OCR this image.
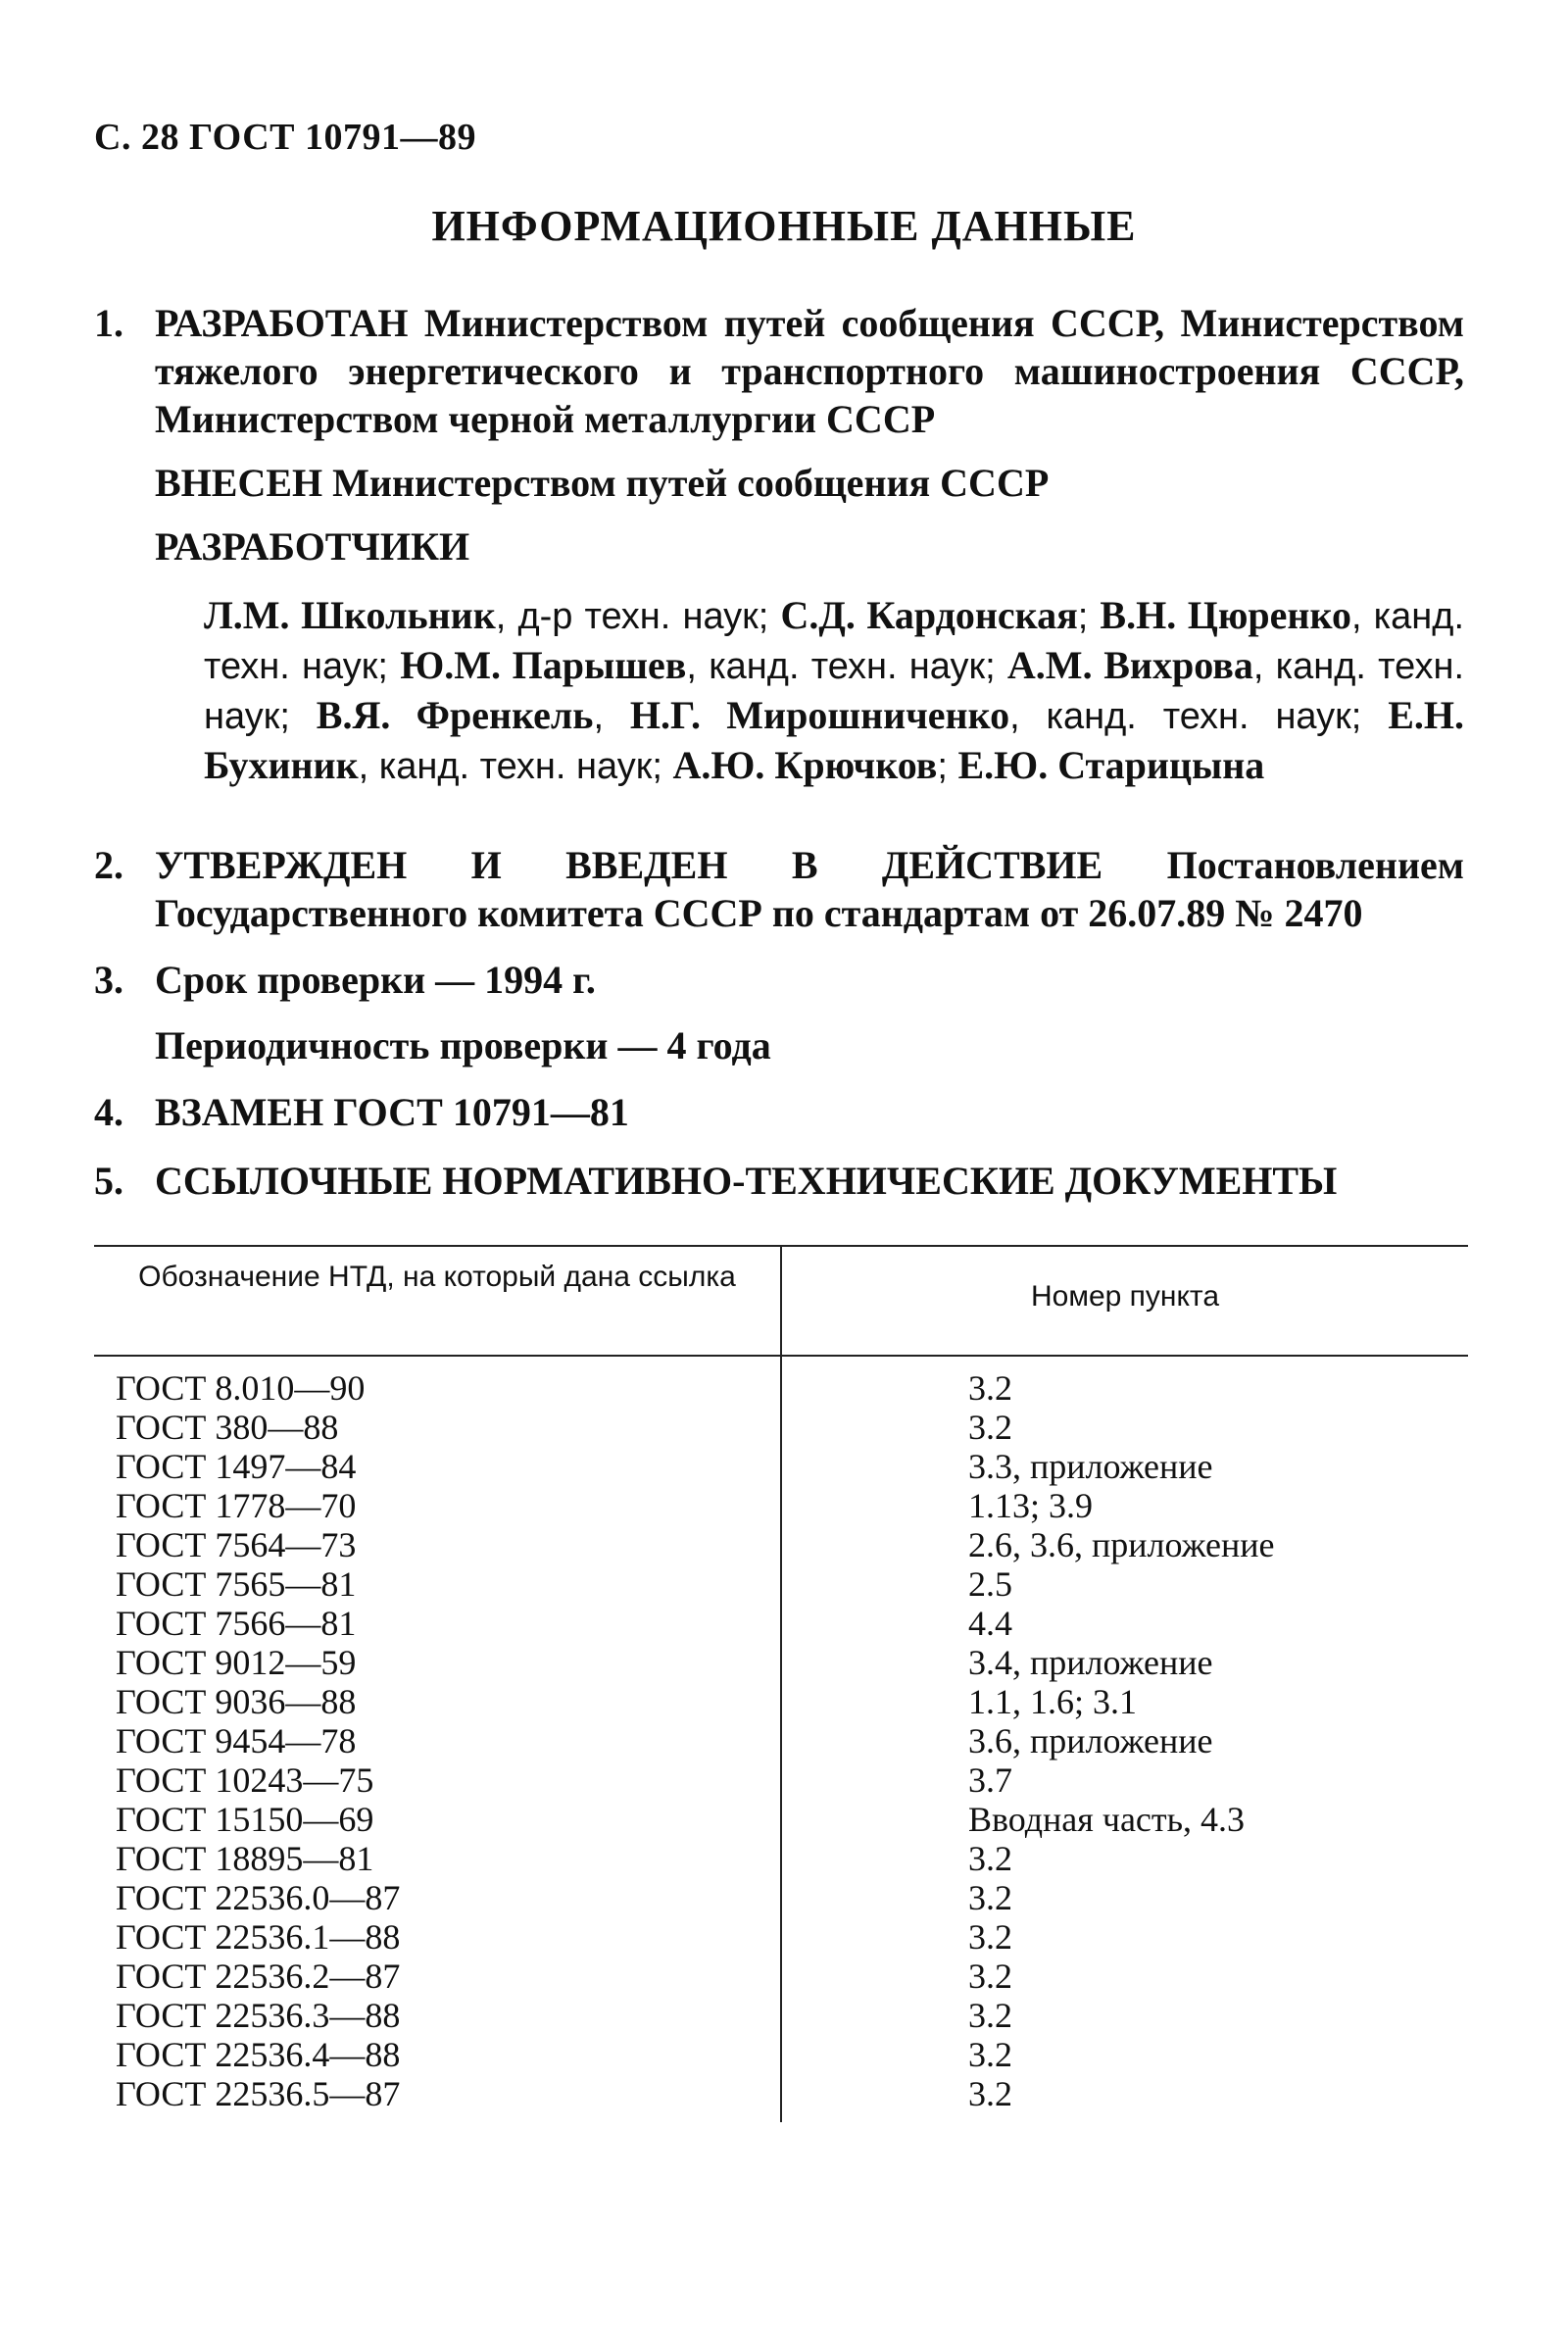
С. 28 ГОСТ 10791—89
ИНФОРМАЦИОННЫЕ ДАННЫЕ
1. РАЗРАБОТАН Министерством путей сообщения СССР, Министерством тяжелого энергетического и транспортного машиностроения СССР, Министерством черной металлургии СССР
ВНЕСЕН Министерством путей сообщения СССР
РАЗРАБОТЧИКИ
Л.М. Школьник, д-р техн. наук; С.Д. Кардонская; В.Н. Цюренко, канд. техн. наук; Ю.М. Парышев, канд. техн. наук; А.М. Вихрова, канд. техн. наук; В.Я. Френкель, Н.Г. Мирошниченко, канд. техн. наук; Е.Н. Бухиник, канд. техн. наук; А.Ю. Крючков; Е.Ю. Старицына
2. УТВЕРЖДЕН И ВВЕДЕН В ДЕЙСТВИЕ Постановлением Государственного комитета СССР по стандартам от 26.07.89 № 2470
3. Срок проверки — 1994 г.
Периодичность проверки — 4 года
4. ВЗАМЕН ГОСТ 10791—81
5. ССЫЛОЧНЫЕ НОРМАТИВНО-ТЕХНИЧЕСКИЕ ДОКУМЕНТЫ
Обозначение НТД, на который дана ссылка
Номер пункта
ГОСТ 8.010—90
ГОСТ 380—88
ГОСТ 1497—84
ГОСТ 1778—70
ГОСТ 7564—73
ГОСТ 7565—81
ГОСТ 7566—81
ГОСТ 9012—59
ГОСТ 9036—88
ГОСТ 9454—78
ГОСТ 10243—75
ГОСТ 15150—69
ГОСТ 18895—81
ГОСТ 22536.0—87
ГОСТ 22536.1—88
ГОСТ 22536.2—87
ГОСТ 22536.3—88
ГОСТ 22536.4—88
ГОСТ 22536.5—87
3.2
3.2
3.3, приложение
1.13; 3.9
2.6, 3.6, приложение
2.5
4.4
3.4, приложение
1.1, 1.6; 3.1
3.6, приложение
3.7
Вводная часть, 4.3
3.2
3.2
3.2
3.2
3.2
3.2
3.2
